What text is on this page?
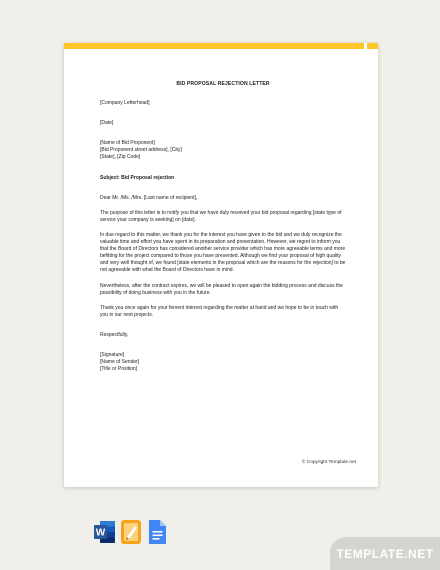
BID PROPOSAL REJECTION LETTER

[Company Letterhead]

[Date]

[Name of Bid Proponent]
[Bid Proponent street address], [City]
[State], [Zip Code]

Subject: Bid Proposal rejection

Dear Mr. /Ms. /Mrs. [Last name of recipient],

The purpose of this letter is to notify you that we have duly received your bid proposal regarding [state type of service your company is seeking] on [date].

In due regard to this matter, we thank you for the interest you have given to the bid and we duly recognize the valuable time and effort you have spent in its preparation and presentation. However, we regret to inform you that the Board of Directors has considered another service provider which has more agreeable terms and more befitting for the project compared to those you have presented. Although we find your proposal of high quality and very well thought of, we found [state elements in the proposal which are the reasons for the rejection] to be not agreeable with what the Board of Directors have in mind.

Nevertheless, after the contract expires, we will be pleased to open again the bidding process and discuss the possibility of doing business with you in the future.

Thank you once again for your fervent interest regarding the matter at hand and we hope to be in touch with you in our next projects.

Respectfully,

[Signature]
[Name of Sender]
[Title or Position]
© Copyright Template.net
W
TEMPLATE.NET
